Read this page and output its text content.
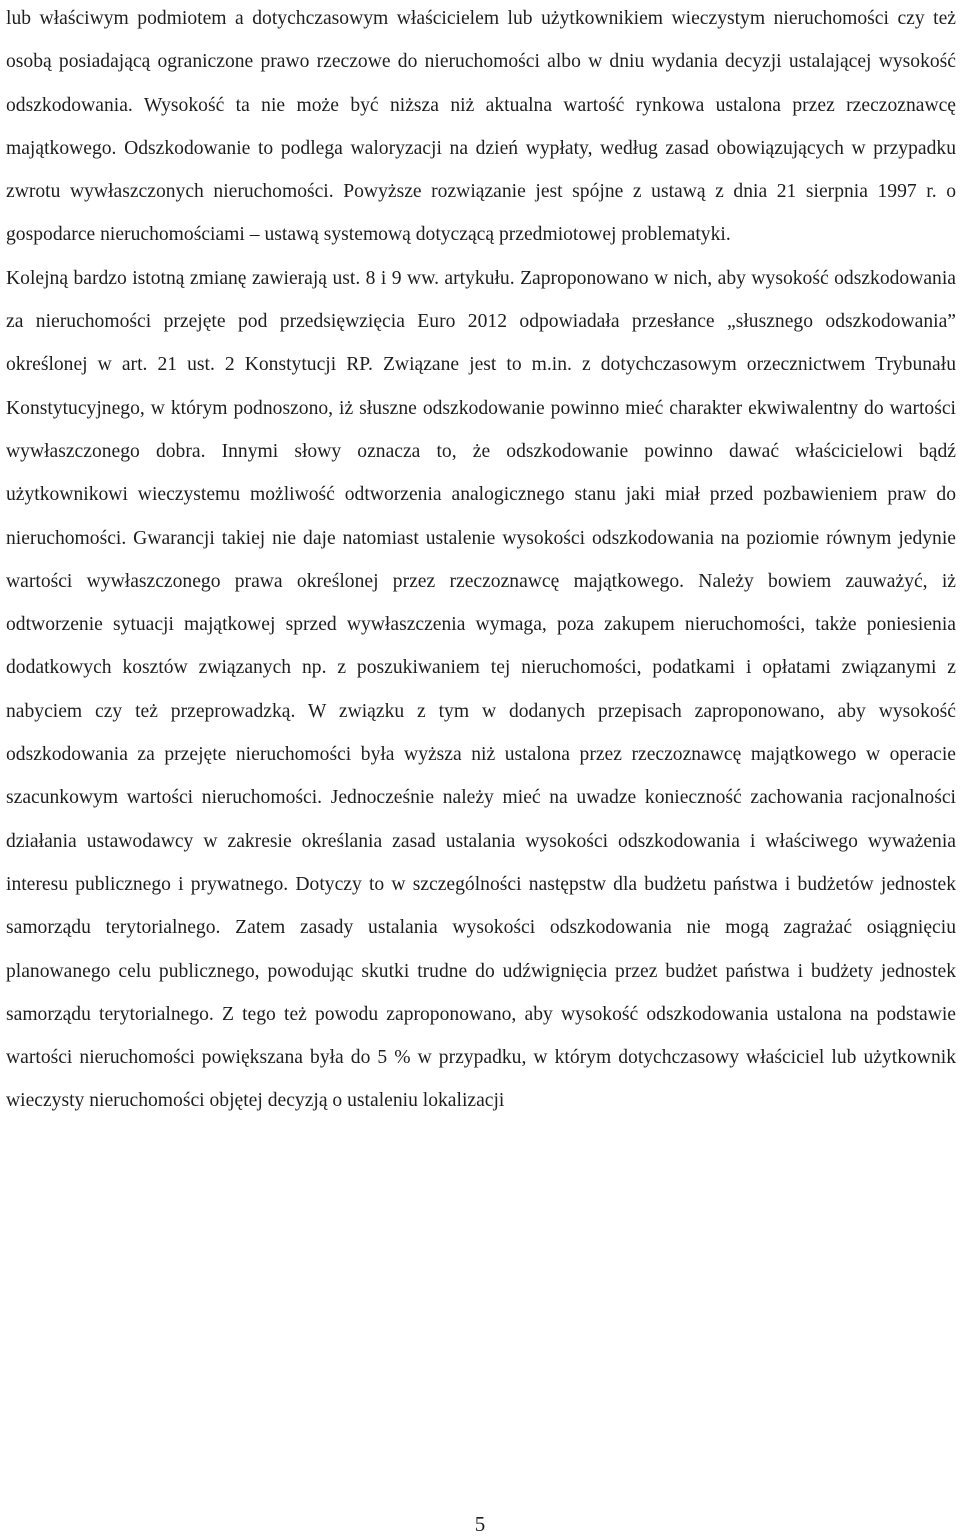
lub właściwym podmiotem a dotychczasowym właścicielem lub użytkownikiem wieczystym nieruchomości czy też osobą posiadającą ograniczone prawo rzeczowe do nieruchomości albo w dniu wydania decyzji ustalającej wysokość odszkodowania. Wysokość ta nie może być niższa niż aktualna wartość rynkowa ustalona przez rzeczoznawcę majątkowego. Odszkodowanie to podlega waloryzacji na dzień wypłaty, według zasad obowiązujących w przypadku zwrotu wywłaszczonych nieruchomości. Powyższe rozwiązanie jest spójne z ustawą z dnia 21 sierpnia 1997 r. o gospodarce nieruchomościami – ustawą systemową dotyczącą przedmiotowej problematyki.

Kolejną bardzo istotną zmianę zawierają ust. 8 i 9 ww. artykułu. Zaproponowano w nich, aby wysokość odszkodowania za nieruchomości przejęte pod przedsięwzięcia Euro 2012 odpowiadała przesłance „słusznego odszkodowania” określonej w art. 21 ust. 2 Konstytucji RP. Związane jest to m.in. z dotychczasowym orzecznictwem Trybunału Konstytucyjnego, w którym podnoszono, iż słuszne odszkodowanie powinno mieć charakter ekwiwalentny do wartości wywłaszczonego dobra. Innymi słowy oznacza to, że odszkodowanie powinno dawać właścicielowi bądź użytkownikowi wieczystemu możliwość odtworzenia analogicznego stanu jaki miał przed pozbawieniem praw do nieruchomości. Gwarancji takiej nie daje natomiast ustalenie wysokości odszkodowania na poziomie równym jedynie wartości wywłaszczonego prawa określonej przez rzeczoznawcę majątkowego. Należy bowiem zauważyć, iż odtworzenie sytuacji majątkowej sprzed wywłaszczenia wymaga, poza zakupem nieruchomości, także poniesienia dodatkowych kosztów związanych np. z poszukiwaniem tej nieruchomości, podatkami i opłatami związanymi z nabyciem czy też przeprowadzką. W związku z tym w dodanych przepisach zaproponowano, aby wysokość odszkodowania za przejęte nieruchomości była wyższa niż ustalona przez rzeczoznawcę majątkowego w operacie szacunkowym wartości nieruchomości. Jednocześnie należy mieć na uwadze konieczność zachowania racjonalności działania ustawodawcy w zakresie określania zasad ustalania wysokości odszkodowania i właściwego wyważenia interesu publicznego i prywatnego. Dotyczy to w szczególności następstw dla budżetu państwa i budżetów jednostek samorządu terytorialnego. Zatem zasady ustalania wysokości odszkodowania nie mogą zagrażać osiągnięciu planowanego celu publicznego, powodując skutki trudne do udźwignięcia przez budżet państwa i budżety jednostek samorządu terytorialnego. Z tego też powodu zaproponowano, aby wysokość odszkodowania ustalona na podstawie wartości nieruchomości powiększana była do 5 % w przypadku, w którym dotychczasowy właściciel lub użytkownik wieczysty nieruchomości objętej decyzją o ustaleniu lokalizacji

5
